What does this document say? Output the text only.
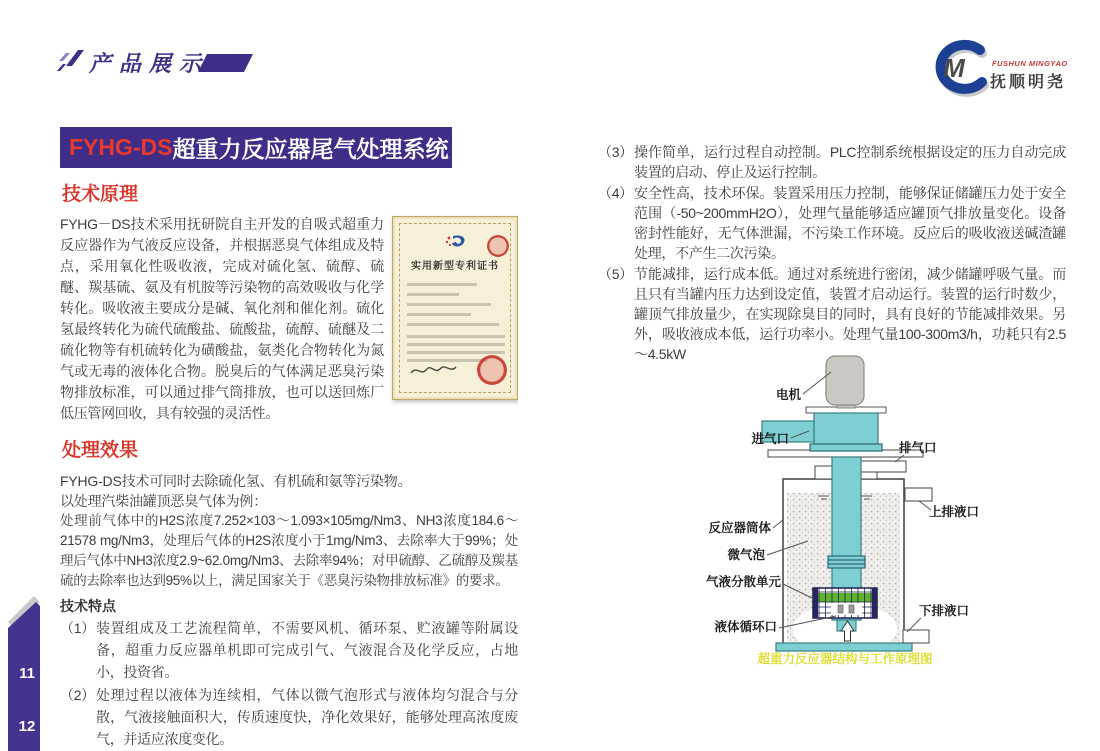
产品展示	M	FUSHUN MINGYAO
抚顺明尧
11
12
FYHG-DS 超重力反应器尾气处理系统
技术原理
实用新型专利证书

FYHG－DS技术采用抚研院自主开发的自吸式超重力反应器作为气液反应设备，并根据恶臭气体组成及特点，采用氧化性吸收液，完成对硫化氢、硫醇、硫醚、羰基硫、氨及有机胺等污染物的高效吸收与化学转化。吸收液主要成分是碱、氧化剂和催化剂。硫化氢最终转化为硫代硫酸盐、硫酸盐，硫醇、硫醚及二硫化物等有机硫转化为磺酸盐，氨类化合物转化为氮气或无毒的液体化合物。脱臭后的气体满足恶臭污染物排放标准，可以通过排气筒排放，也可以送回炼厂低压管网回收，具有较强的灵活性。

处理效果
FYHG-DS技术可同时去除硫化氢、有机硫和氨等污染物。
以处理汽柴油罐顶恶臭气体为例：

处理前气体中的H2S浓度7.252×103～1.093×105mg/Nm3、NH3浓度184.6～21578 mg/Nm3，处理后气体的H2S浓度小于1mg/Nm3、去除率大于99%；处理后气体中NH3浓度2.9~62.0mg/Nm3、去除率94%；对甲硫醇、乙硫醇及羰基硫的去除率也达到95%以上，满足国家关于《恶臭污染物排放标准》的要求。

技术特点
（1） 装置组成及工艺流程简单，不需要风机、循环泵、贮液罐等附属设备，超重力反应器单机即可完成引气、气液混合及化学反应，占地小，投资省。
（2） 处理过程以液体为连续相，气体以微气泡形式与液体均匀混合与分散，气液接触面积大，传质速度快，净化效果好，能够处理高浓度废气，并适应浓度变化。
（3） 操作简单，运行过程自动控制。PLC控制系统根据设定的压力自动完成装置的启动、停止及运行控制。
（4） 安全性高，技术环保。装置采用压力控制，能够保证储罐压力处于安全范围（-50~200mmH2O），处理气量能够适应罐顶气排放量变化。设备密封性能好，无气体泄漏，不污染工作环境。反应后的吸收液送碱渣罐处理，不产生二次污染。
（5） 节能减排，运行成本低。通过对系统进行密闭，减少储罐呼吸气量。而且只有当罐内压力达到设定值，装置才启动运行。装置的运行时数少，罐顶气排放量少，在实现除臭目的同时，具有良好的节能减排效果。另外，吸收液成本低，运行功率小。处理气量100-300m3/h，功耗只有2.5～4.5kW
电机
进气口
排气口
上排液口
反应器筒体
微气泡
气液分散单元
液体循环口
下排液口
超重力反应器结构与工作原理图
